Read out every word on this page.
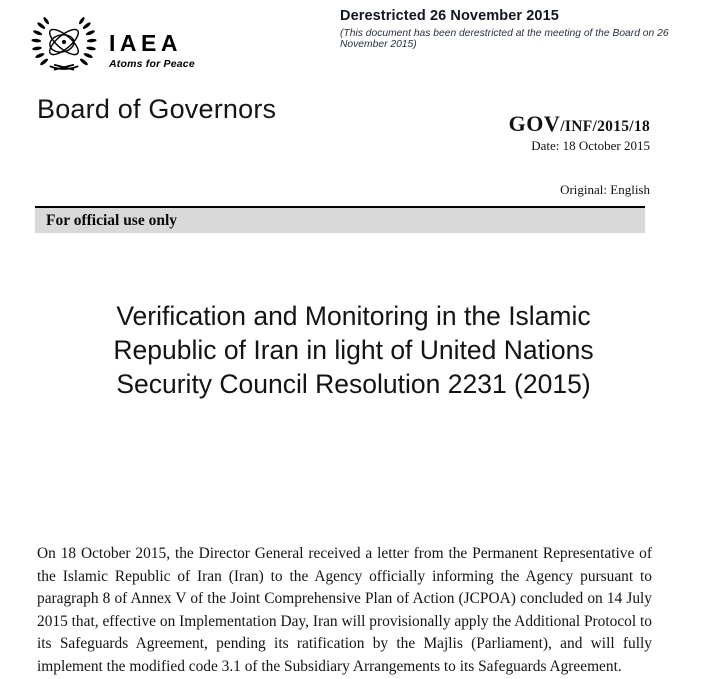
Derestricted 26 November 2015
(This document has been derestricted at the meeting of the Board on 26 November 2015)
IAEA
Atoms for Peace
Board of Governors	GOV/INF/2015/18
Date: 18 October 2015
Original: English
For official use only
Verification and Monitoring in the Islamic
Republic of Iran in light of United Nations
Security Council Resolution 2231 (2015)
On 18 October 2015, the Director General received a letter from the Permanent Representative of the Islamic Republic of Iran (Iran) to the Agency officially informing the Agency pursuant to paragraph 8 of Annex V of the Joint Comprehensive Plan of Action (JCPOA) concluded on 14 July 2015 that, effective on Implementation Day, Iran will provisionally apply the Additional Protocol to its Safeguards Agreement, pending its ratification by the Majlis (Parliament), and will fully implement the modified code 3.1 of the Subsidiary Arrangements to its Safeguards Agreement.
